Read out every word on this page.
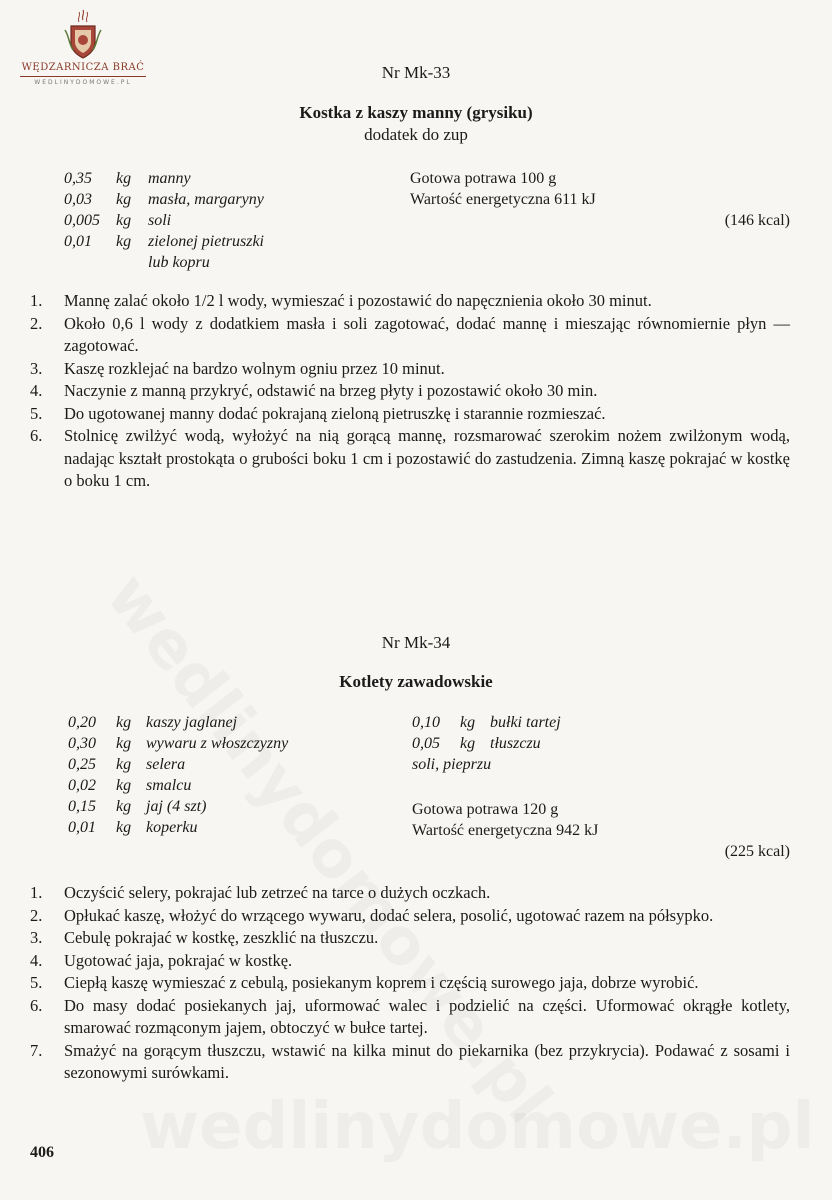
WĘDZARNICZA BRAĆ
WEDLINYDOMOWE.PL
Nr Mk-33
Kostka z kaszy manny (grysiku)
dodatek do zup
0,35 kg manny
0,03 kg masła, margaryny
0,005 kg soli
0,01 kg zielonej pietruszki
lub kopru
Gotowa potrawa 100 g
Wartość energetyczna 611 kJ
(146 kcal)
1.	Mannę zalać około 1/2 l wody, wymieszać i pozostawić do napęcznienia około 30 minut.
2.	Około 0,6 l wody z dodatkiem masła i soli zagotować, dodać mannę i mieszając równomiernie płyn — zagotować.
3.	Kaszę rozklejać na bardzo wolnym ogniu przez 10 minut.
4.	Naczynie z manną przykryć, odstawić na brzeg płyty i pozostawić około 30 min.
5.	Do ugotowanej manny dodać pokrajaną zieloną pietruszkę i starannie rozmieszać.
6.	Stolnicę zwilżyć wodą, wyłożyć na nią gorącą mannę, rozsmarować szerokim nożem zwilżonym wodą, nadając kształt prostokąta o grubości boku 1 cm i pozostawić do zastudzenia. Zimną kaszę pokrajać w kostkę o boku 1 cm.
Nr Mk-34
Kotlety zawadowskie
0,20 kg kaszy jaglanej
0,30 kg wywaru z włoszczyzny
0,25 kg selera
0,02 kg smalcu
0,15 kg jaj (4 szt)
0,01 kg koperku
0,10 kg bułki tartej
0,05 kg tłuszczu
soli, pieprzu
Gotowa potrawa 120 g
Wartość energetyczna 942 kJ
(225 kcal)
1.	Oczyścić selery, pokrajać lub zetrzeć na tarce o dużych oczkach.
2.	Opłukać kaszę, włożyć do wrzącego wywaru, dodać selera, posolić, ugotować razem na półsypko.
3.	Cebulę pokrajać w kostkę, zeszklić na tłuszczu.
4.	Ugotować jaja, pokrajać w kostkę.
5.	Ciepłą kaszę wymieszać z cebulą, posiekanym koprem i częścią surowego jaja, dobrze wyrobić.
6.	Do masy dodać posiekanych jaj, uformować walec i podzielić na części. Uformować okrągłe kotlety, smarować rozmąconym jajem, obtoczyć w bułce tartej.
7.	Smażyć na gorącym tłuszczu, wstawić na kilka minut do piekarnika (bez przykrycia). Podawać z sosami i sezonowymi surówkami.
406
